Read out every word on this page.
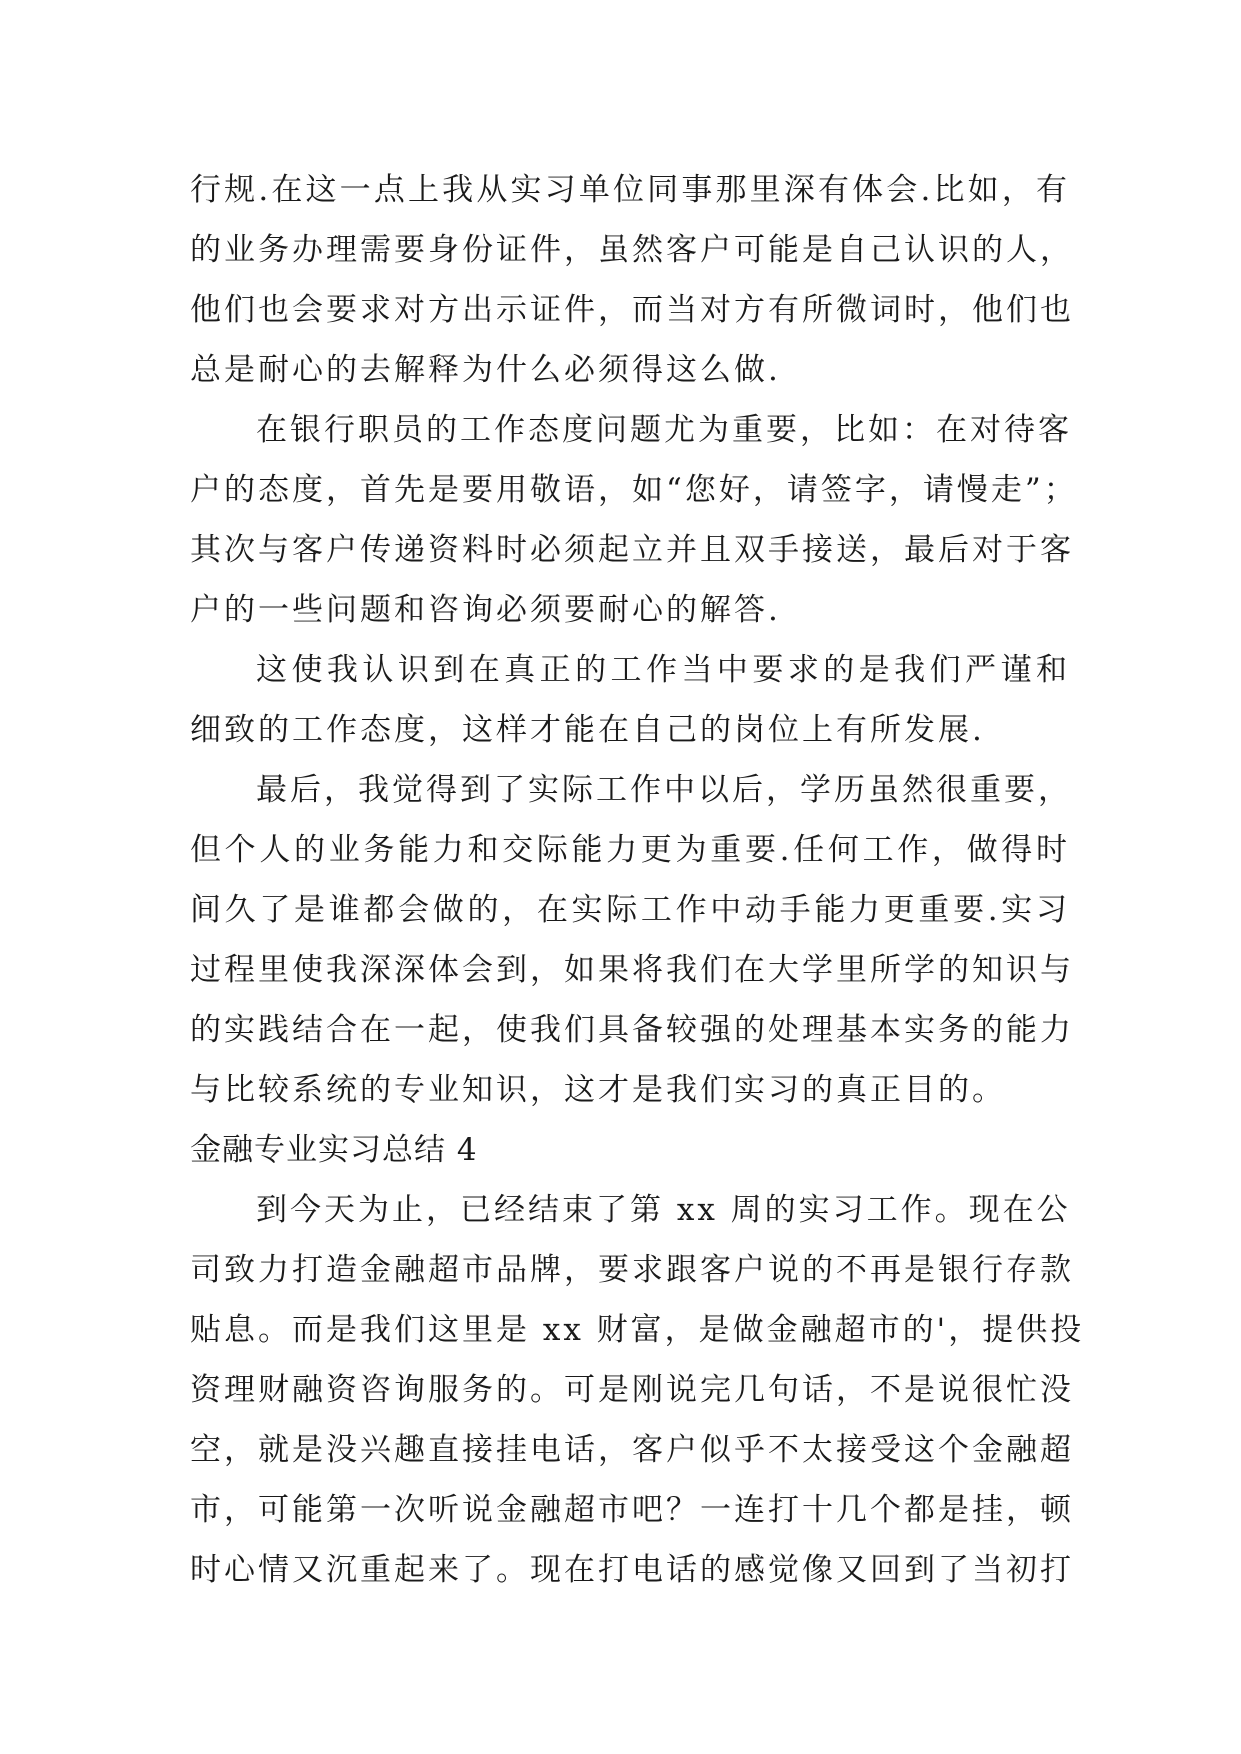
行规.在这一点上我从实习单位同事那里深有体会.比如，有
的业务办理需要身份证件，虽然客户可能是自己认识的人，
他们也会要求对方出示证件，而当对方有所微词时，他们也
总是耐心的去解释为什么必须得这么做.
在银行职员的工作态度问题尤为重要，比如：在对待客
户的态度，首先是要用敬语，如“您好，请签字，请慢走”；
其次与客户传递资料时必须起立并且双手接送，最后对于客
户的一些问题和咨询必须要耐心的解答.
这使我认识到在真正的工作当中要求的是我们严谨和
细致的工作态度，这样才能在自己的岗位上有所发展.
最后，我觉得到了实际工作中以后，学历虽然很重要，
但个人的业务能力和交际能力更为重要.任何工作，做得时
间久了是谁都会做的，在实际工作中动手能力更重要.实习
过程里使我深深体会到，如果将我们在大学里所学的知识与
的实践结合在一起，使我们具备较强的处理基本实务的能力
与比较系统的专业知识，这才是我们实习的真正目的。
金融专业实习总结 4
到今天为止，已经结束了第 xx 周的实习工作。现在公
司致力打造金融超市品牌，要求跟客户说的不再是银行存款
贴息。而是我们这里是 xx 财富，是做金融超市的'，提供投
资理财融资咨询服务的。可是刚说完几句话，不是说很忙没
空，就是没兴趣直接挂电话，客户似乎不太接受这个金融超
市，可能第一次听说金融超市吧？一连打十几个都是挂，顿
时心情又沉重起来了。现在打电话的感觉像又回到了当初打
